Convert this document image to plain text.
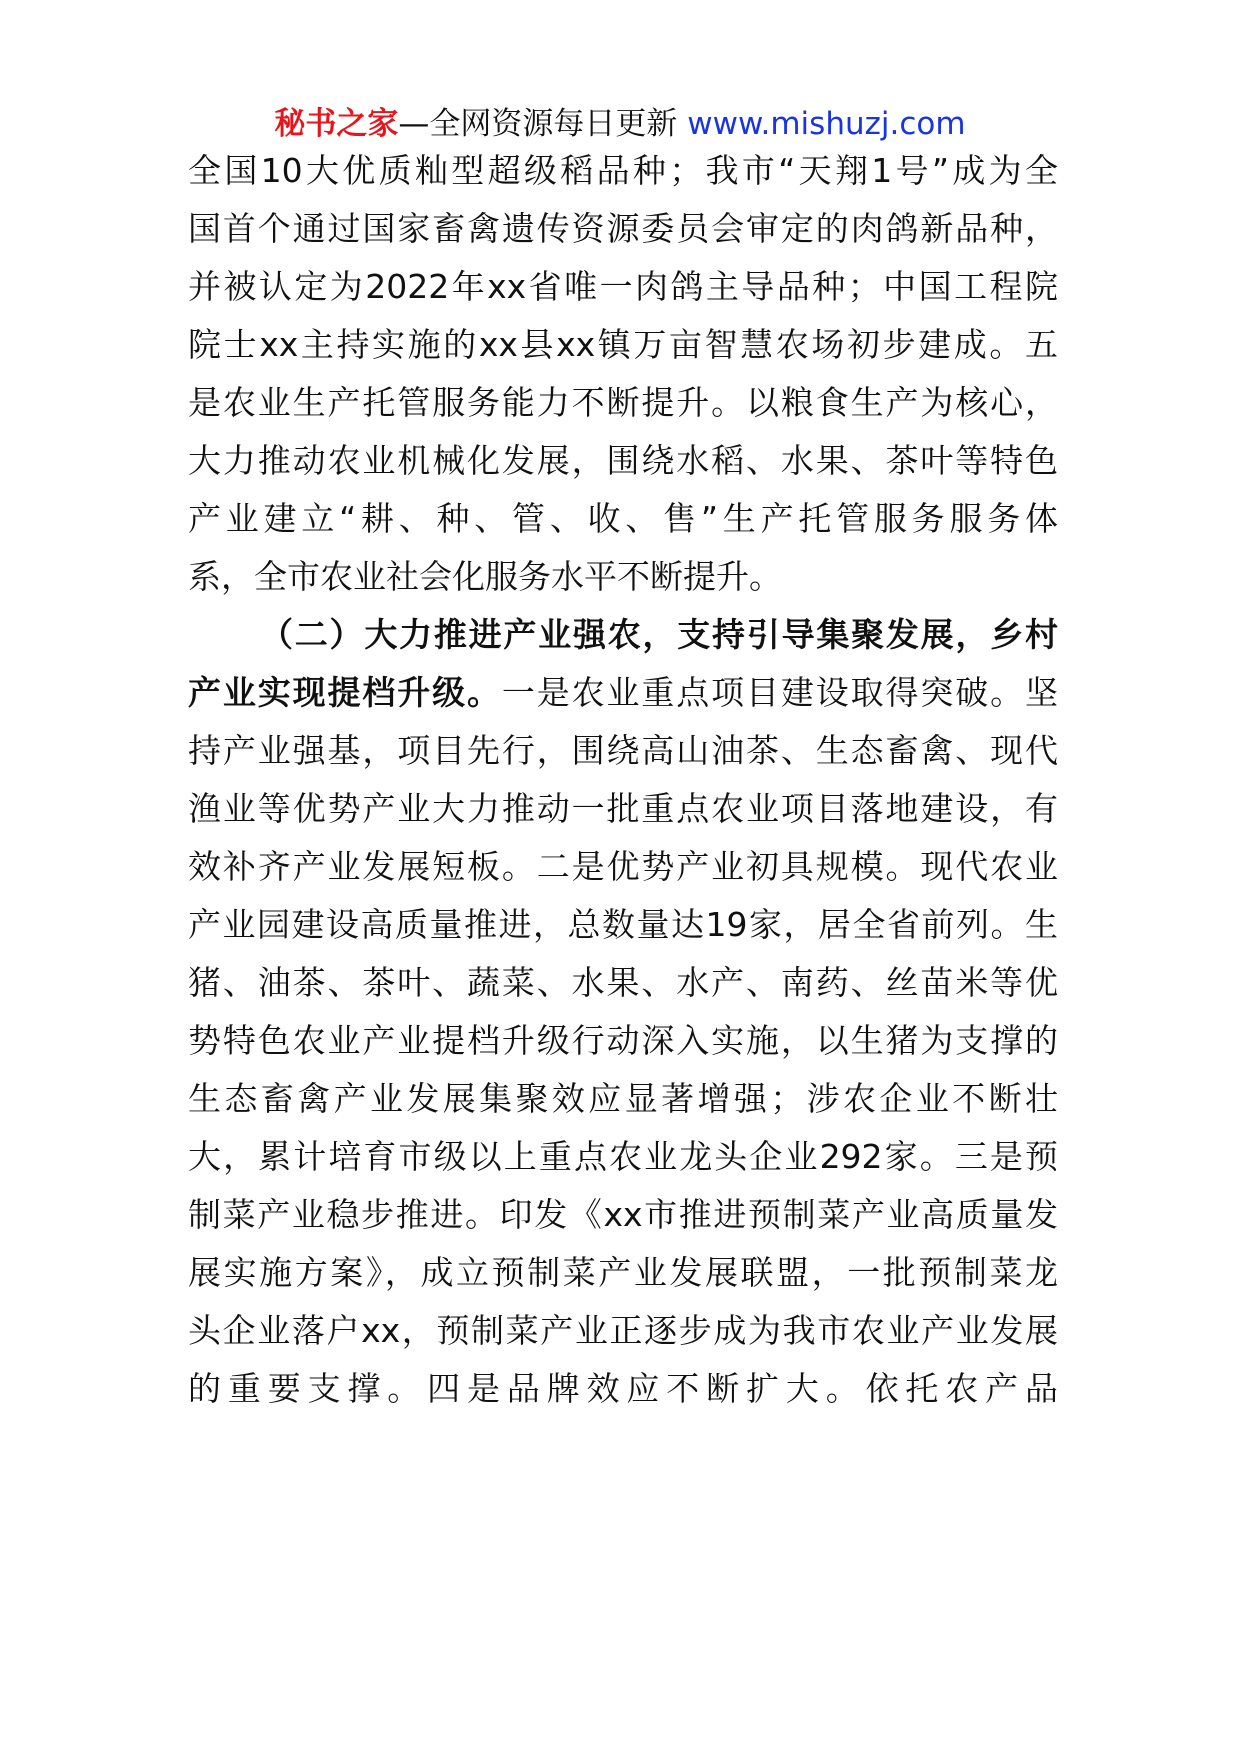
秘书之家—全网资源每日更新 www.mishuzj.com
全国10大优质籼型超级稻品种；我市“天翔1号”成为全
国首个通过国家畜禽遗传资源委员会审定的肉鸽新品种，
并被认定为2022年xx省唯一肉鸽主导品种；中国工程院
院士xx主持实施的xx县xx镇万亩智慧农场初步建成。五
是农业生产托管服务能力不断提升。以粮食生产为核心，
大力推动农业机械化发展，围绕水稻、水果、茶叶等特色
产业建立“耕、种、管、收、售”生产托管服务服务体
系，全市农业社会化服务水平不断提升。
（二）大力推进产业强农，支持引导集聚发展，乡村
产业实现提档升级。一是农业重点项目建设取得突破。坚
持产业强基，项目先行，围绕高山油茶、生态畜禽、现代
渔业等优势产业大力推动一批重点农业项目落地建设，有
效补齐产业发展短板。二是优势产业初具规模。现代农业
产业园建设高质量推进，总数量达19家，居全省前列。生
猪、油茶、茶叶、蔬菜、水果、水产、南药、丝苗米等优
势特色农业产业提档升级行动深入实施，以生猪为支撑的
生态畜禽产业发展集聚效应显著增强；涉农企业不断壮
大，累计培育市级以上重点农业龙头企业292家。三是预
制菜产业稳步推进。印发《xx市推进预制菜产业高质量发
展实施方案》，成立预制菜产业发展联盟，一批预制菜龙
头企业落户xx，预制菜产业正逐步成为我市农业产业发展
的重要支撑。四是品牌效应不断扩大。依托农产品
